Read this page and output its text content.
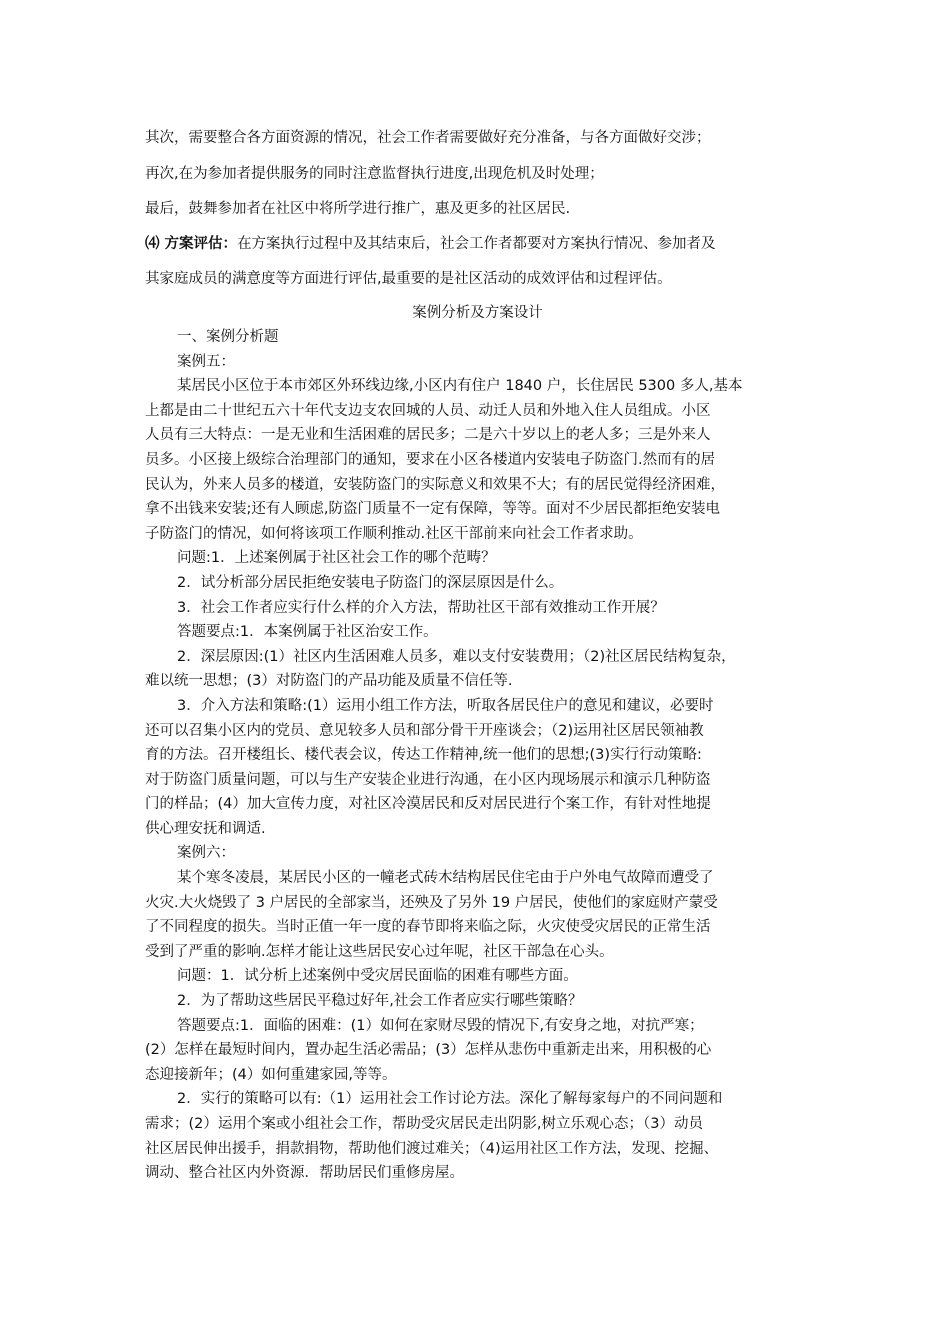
其次，需要整合各方面资源的情况，社会工作者需要做好充分准备，与各方面做好交涉；

再次,在为参加者提供服务的同时注意监督执行进度,出现危机及时处理；

最后，鼓舞参加者在社区中将所学进行推广，惠及更多的社区居民.

⑷ 方案评估：在方案执行过程中及其结束后，社会工作者都要对方案执行情况、参加者及

其家庭成员的满意度等方面进行评估,最重要的是社区活动的成效评估和过程评估。

案例分析及方案设计

一、案例分析题
案例五：
某居民小区位于本市郊区外环线边缘,小区内有住户 1840 户，长住居民 5300 多人,基本
上都是由二十世纪五六十年代支边支农回城的人员、动迁人员和外地入住人员组成。小区
人员有三大特点：一是无业和生活困难的居民多；二是六十岁以上的老人多；三是外来人
员多。小区接上级综合治理部门的通知，要求在小区各楼道内安装电子防盗门.然而有的居
民认为，外来人员多的楼道，安装防盗门的实际意义和效果不大；有的居民觉得经济困难，
拿不出钱来安装;还有人顾虑,防盗门质量不一定有保障，等等。面对不少居民都拒绝安装电
子防盗门的情况，如何将该项工作顺利推动.社区干部前来向社会工作者求助。
问题:1．上述案例属于社区社会工作的哪个范畴？
2．试分析部分居民拒绝安装电子防盗门的深层原因是什么。
3．社会工作者应实行什么样的介入方法，帮助社区干部有效推动工作开展？
答题要点:1．本案例属于社区治安工作。
2．深层原因:(1）社区内生活困难人员多，难以支付安装费用；（2)社区居民结构复杂，
难以统一思想；(3）对防盗门的产品功能及质量不信任等.
3．介入方法和策略:(1）运用小组工作方法，听取各居民住户的意见和建议，必要时
还可以召集小区内的党员、意见较多人员和部分骨干开座谈会；（2)运用社区居民领袖教
育的方法。召开楼组长、楼代表会议，传达工作精神,统一他们的思想;(3)实行行动策略:
对于防盗门质量问题，可以与生产安装企业进行沟通，在小区内现场展示和演示几种防盗
门的样品；(4）加大宣传力度，对社区冷漠居民和反对居民进行个案工作，有针对性地提
供心理安抚和调适.
案例六：
某个寒冬凌晨，某居民小区的一幢老式砖木结构居民住宅由于户外电气故障而遭受了
火灾.大火烧毁了 3 户居民的全部家当，还殃及了另外 19 户居民，使他们的家庭财产蒙受
了不同程度的损失。当时正值一年一度的春节即将来临之际，火灾使受灾居民的正常生活
受到了严重的影响.怎样才能让这些居民安心过年呢，社区干部急在心头。
问题：1．试分析上述案例中受灾居民面临的困难有哪些方面。
2．为了帮助这些居民平稳过好年,社会工作者应实行哪些策略？
答题要点:1．面临的困难：(1）如何在家财尽毁的情况下,有安身之地，对抗严寒；
(2）怎样在最短时间内，置办起生活必需品；(3）怎样从悲伤中重新走出来，用积极的心
态迎接新年；(4）如何重建家园,等等。
2．实行的策略可以有:（1）运用社会工作讨论方法。深化了解每家每户的不同问题和
需求；(2）运用个案或小组社会工作，帮助受灾居民走出阴影,树立乐观心态；（3）动员
社区居民伸出援手，捐款捐物，帮助他们渡过难关；（4)运用社区工作方法，发现、挖掘、
调动、整合社区内外资源．帮助居民们重修房屋。
